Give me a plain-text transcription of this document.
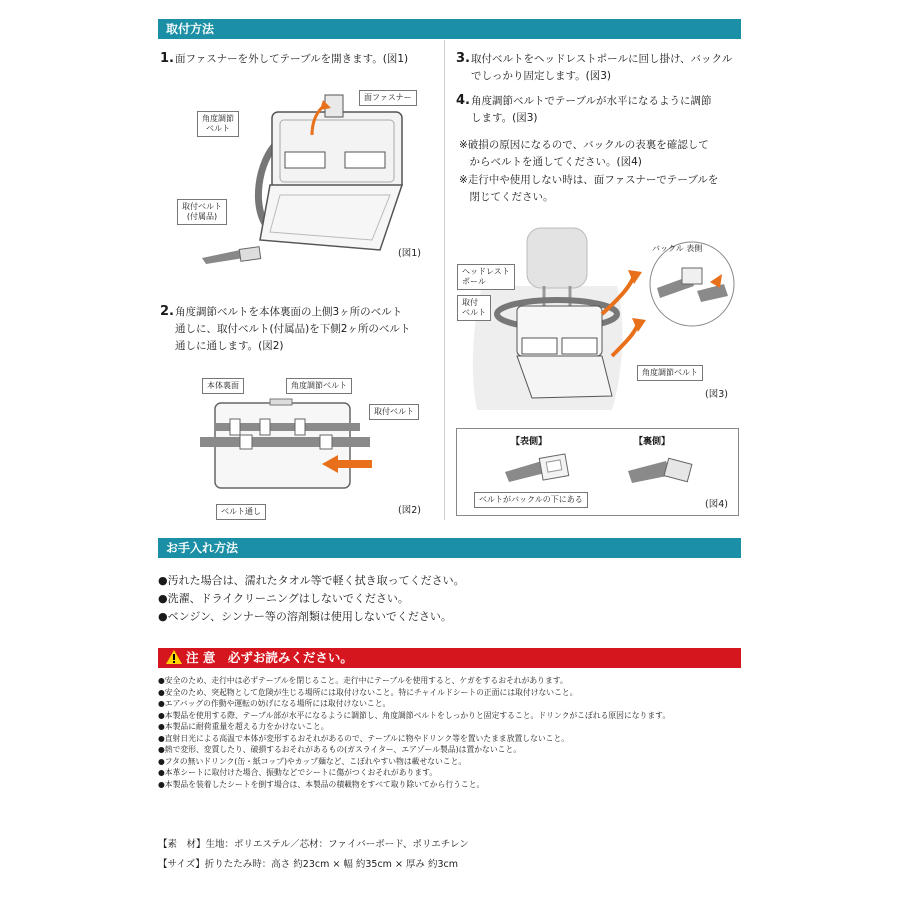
取付方法
1.面ファスナーを外してテーブルを開きます。(図1)
面ファスナー
角度調節
ベルト
取付ベルト
(付属品)
(図1)
2.角度調節ベルトを本体裏面の上側3ヶ所のベルト
通しに、取付ベルト(付属品)を下側2ヶ所のベルト
通しに通します。(図2)
本体裏面	角度調節ベルト
取付ベルト
ベルト通し	(図2)
3.取付ベルトをヘッドレストポールに回し掛け、バックル
でしっかり固定します。(図3)
4.角度調節ベルトでテーブルが水平になるように調節
します。(図3)
※破損の原因になるので、バックルの表裏を確認して
　からベルトを通してください。(図4)
※走行中や使用しない時は、面ファスナーでテーブルを
　閉じてください。
ヘッドレスト
ポール
取付
ベルト
バックル 表側
角度調節ベルト
(図3)
【表側】	【裏側】
ベルトがバックルの下にある	(図4)
お手入れ方法
●汚れた場合は、濡れたタオル等で軽く拭き取ってください。
●洗濯、ドライクリーニングはしないでください。
●ベンジン、シンナー等の溶剤類は使用しないでください。
注 意　必ずお読みください。
●安全のため、走行中は必ずテーブルを閉じること。走行中にテーブルを使用すると、ケガをするおそれがあります。
●安全のため、突起物として危険が生じる場所には取付けないこと。特にチャイルドシートの正面には取付けないこと。
●エアバッグの作動や運転の妨げになる場所には取付けないこと。
●本製品を使用する際、テーブル部が水平になるように調節し、角度調節ベルトをしっかりと固定すること。ドリンクがこぼれる原因になります。
●本製品に耐荷重量を超える力をかけないこと。
●直射日光による高温で本体が変形するおそれがあるので、テーブルに物やドリンク等を置いたまま放置しないこと。
●熱で変形、変質したり、破損するおそれがあるもの(ガスライター、エアゾール製品)は置かないこと。
●フタの無いドリンク(缶・紙コップ)やカップ麺など、こぼれやすい物は載せないこと。
●本革シートに取付けた場合、振動などでシートに傷がつくおそれがあります。
●本製品を装着したシートを倒す場合は、本製品の積載物をすべて取り除いてから行うこと。
【素　材】生地：ポリエステル／芯材：ファイバーボード、ポリエチレン
【サイズ】折りたたみ時：高さ 約23cm × 幅 約35cm × 厚み 約3cm
